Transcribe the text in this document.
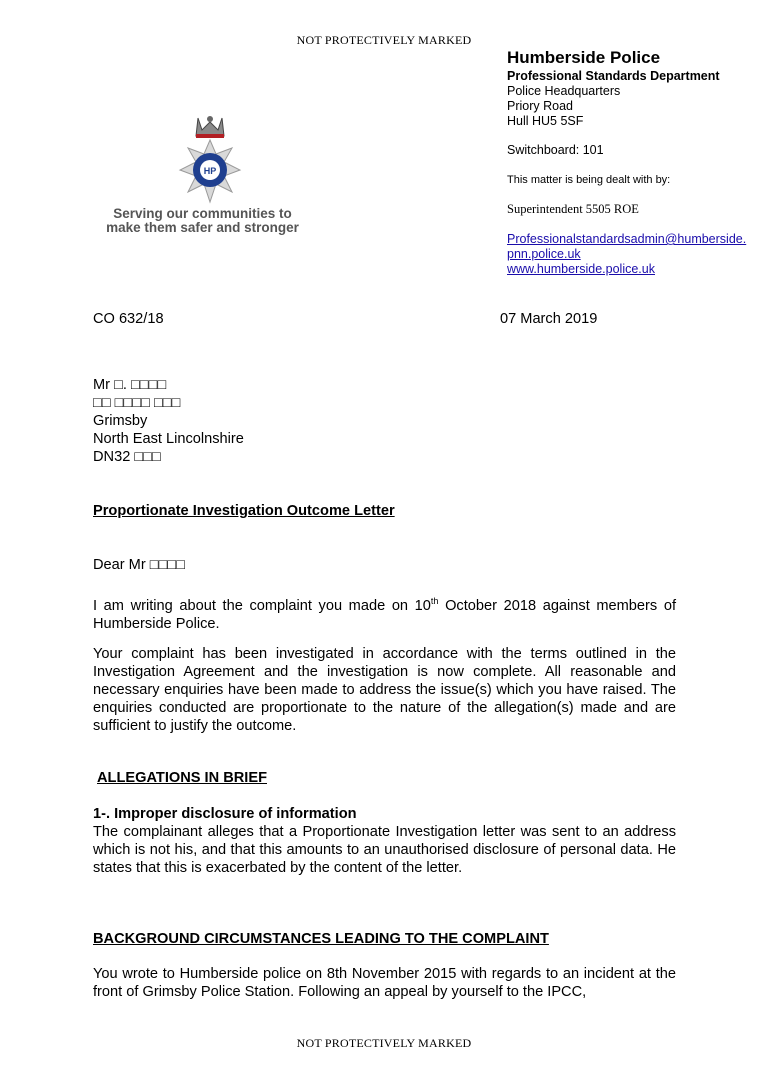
NOT PROTECTIVELY MARKED
HP
Serving our communities to
make them safer and stronger
Humberside Police
Professional Standards Department
Police Headquarters
Priory Road
Hull HU5 5SF
Switchboard: 101
This matter is being dealt with by:
Superintendent 5505 ROE
Professionalstandardsadmin@humberside.
pnn.police.uk
www.humberside.police.uk
CO 632/18	07 March 2019
Mr □. □□□□
□□ □□□□ □□□
Grimsby
North East Lincolnshire
DN32 □□□
Proportionate Investigation Outcome Letter
Dear Mr □□□□
I am writing about the complaint you made on 10th October 2018 against members of Humberside Police.
Your complaint has been investigated in accordance with the terms outlined in the Investigation Agreement and the investigation is now complete. All reasonable and necessary enquiries have been made to address the issue(s) which you have raised. The enquiries conducted are proportionate to the nature of the allegation(s) made and are sufficient to justify the outcome.
ALLEGATIONS IN BRIEF
1-. Improper disclosure of information
The complainant alleges that a Proportionate Investigation letter was sent to an address which is not his, and that this amounts to an unauthorised disclosure of personal data. He states that this is exacerbated by the content of the letter.
BACKGROUND CIRCUMSTANCES LEADING TO THE COMPLAINT
You wrote to Humberside police on 8th November 2015 with regards to an incident at the front of Grimsby Police Station. Following an appeal by yourself to the IPCC,
NOT PROTECTIVELY MARKED
